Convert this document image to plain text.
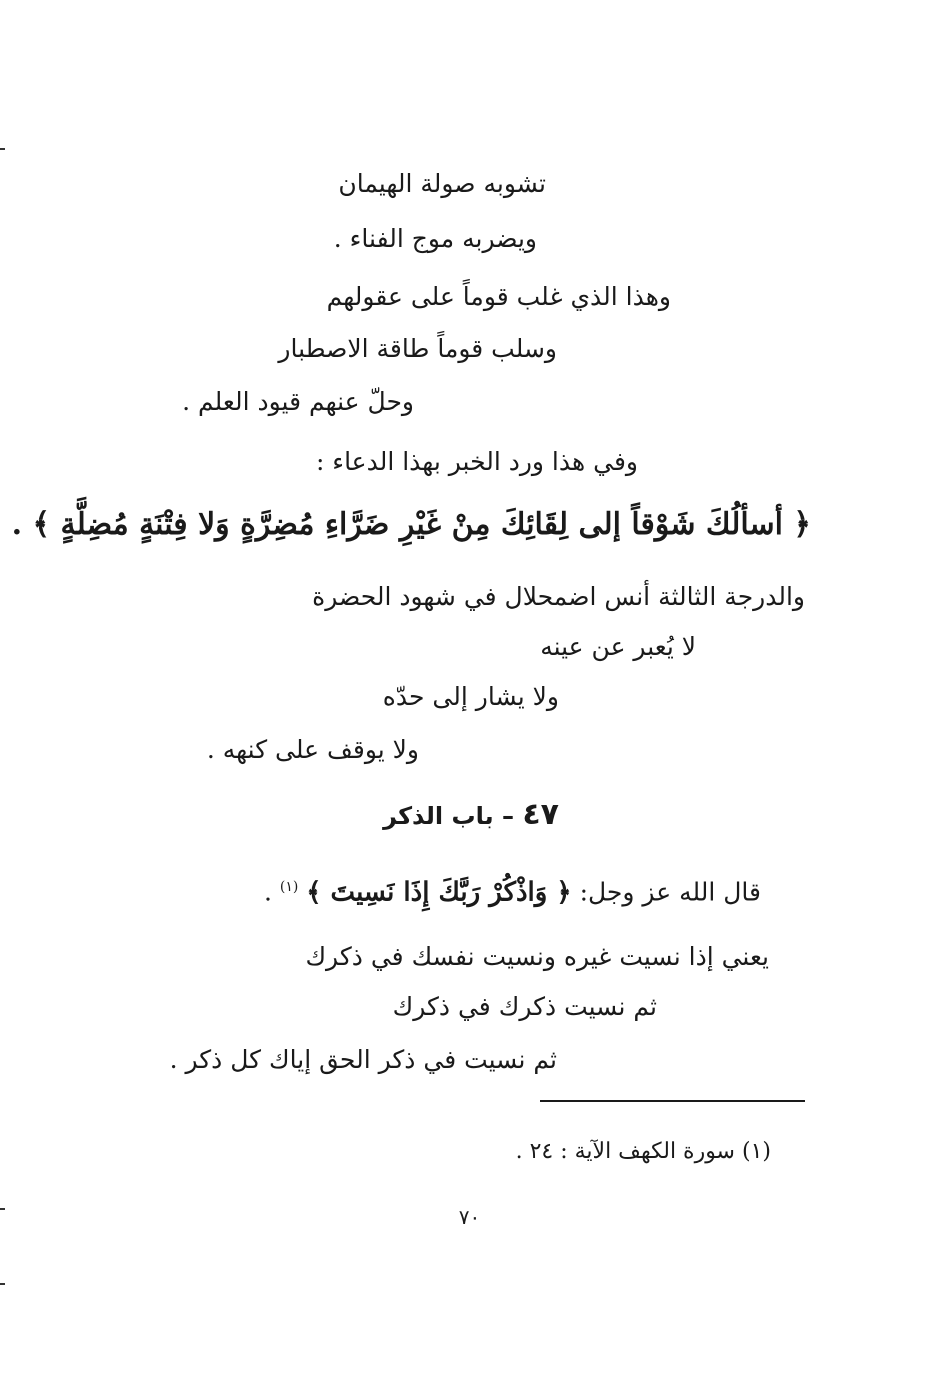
تشوبه صولة الهيمان
ويضربه موج الفناء .
وهذا الذي غلب قوماً على عقولهم
وسلب قوماً طاقة الاصطبار
وحلّ عنهم قيود العلم .
وفي هذا ورد الخبر بهذا الدعاء :
﴿ أسألُكَ شَوْقاً إلى لِقَائِكَ مِنْ غَيْرِ ضَرَّاءِ مُضِرَّةٍ وَلا فِتْنَةٍ مُضِلَّةٍ ﴾ .
والدرجة الثالثة أنس اضمحلال في شهود الحضرة
لا يُعبر عن عينه
ولا يشار إلى حدّه
ولا يوقف على كنهه .
٤٧ – باب الذكر
قال الله عز وجل: ﴿ وَاذْكُرْ رَبَّكَ إِذَا نَسِيتَ ﴾ $^{(١)}$ .
يعني إذا نسيت غيره ونسيت نفسك في ذكرك
ثم نسيت ذكرك في ذكرك
ثم نسيت في ذكر الحق إياك كل ذكر .
(١) سورة الكهف الآية : ٢٤ .
٧٠
